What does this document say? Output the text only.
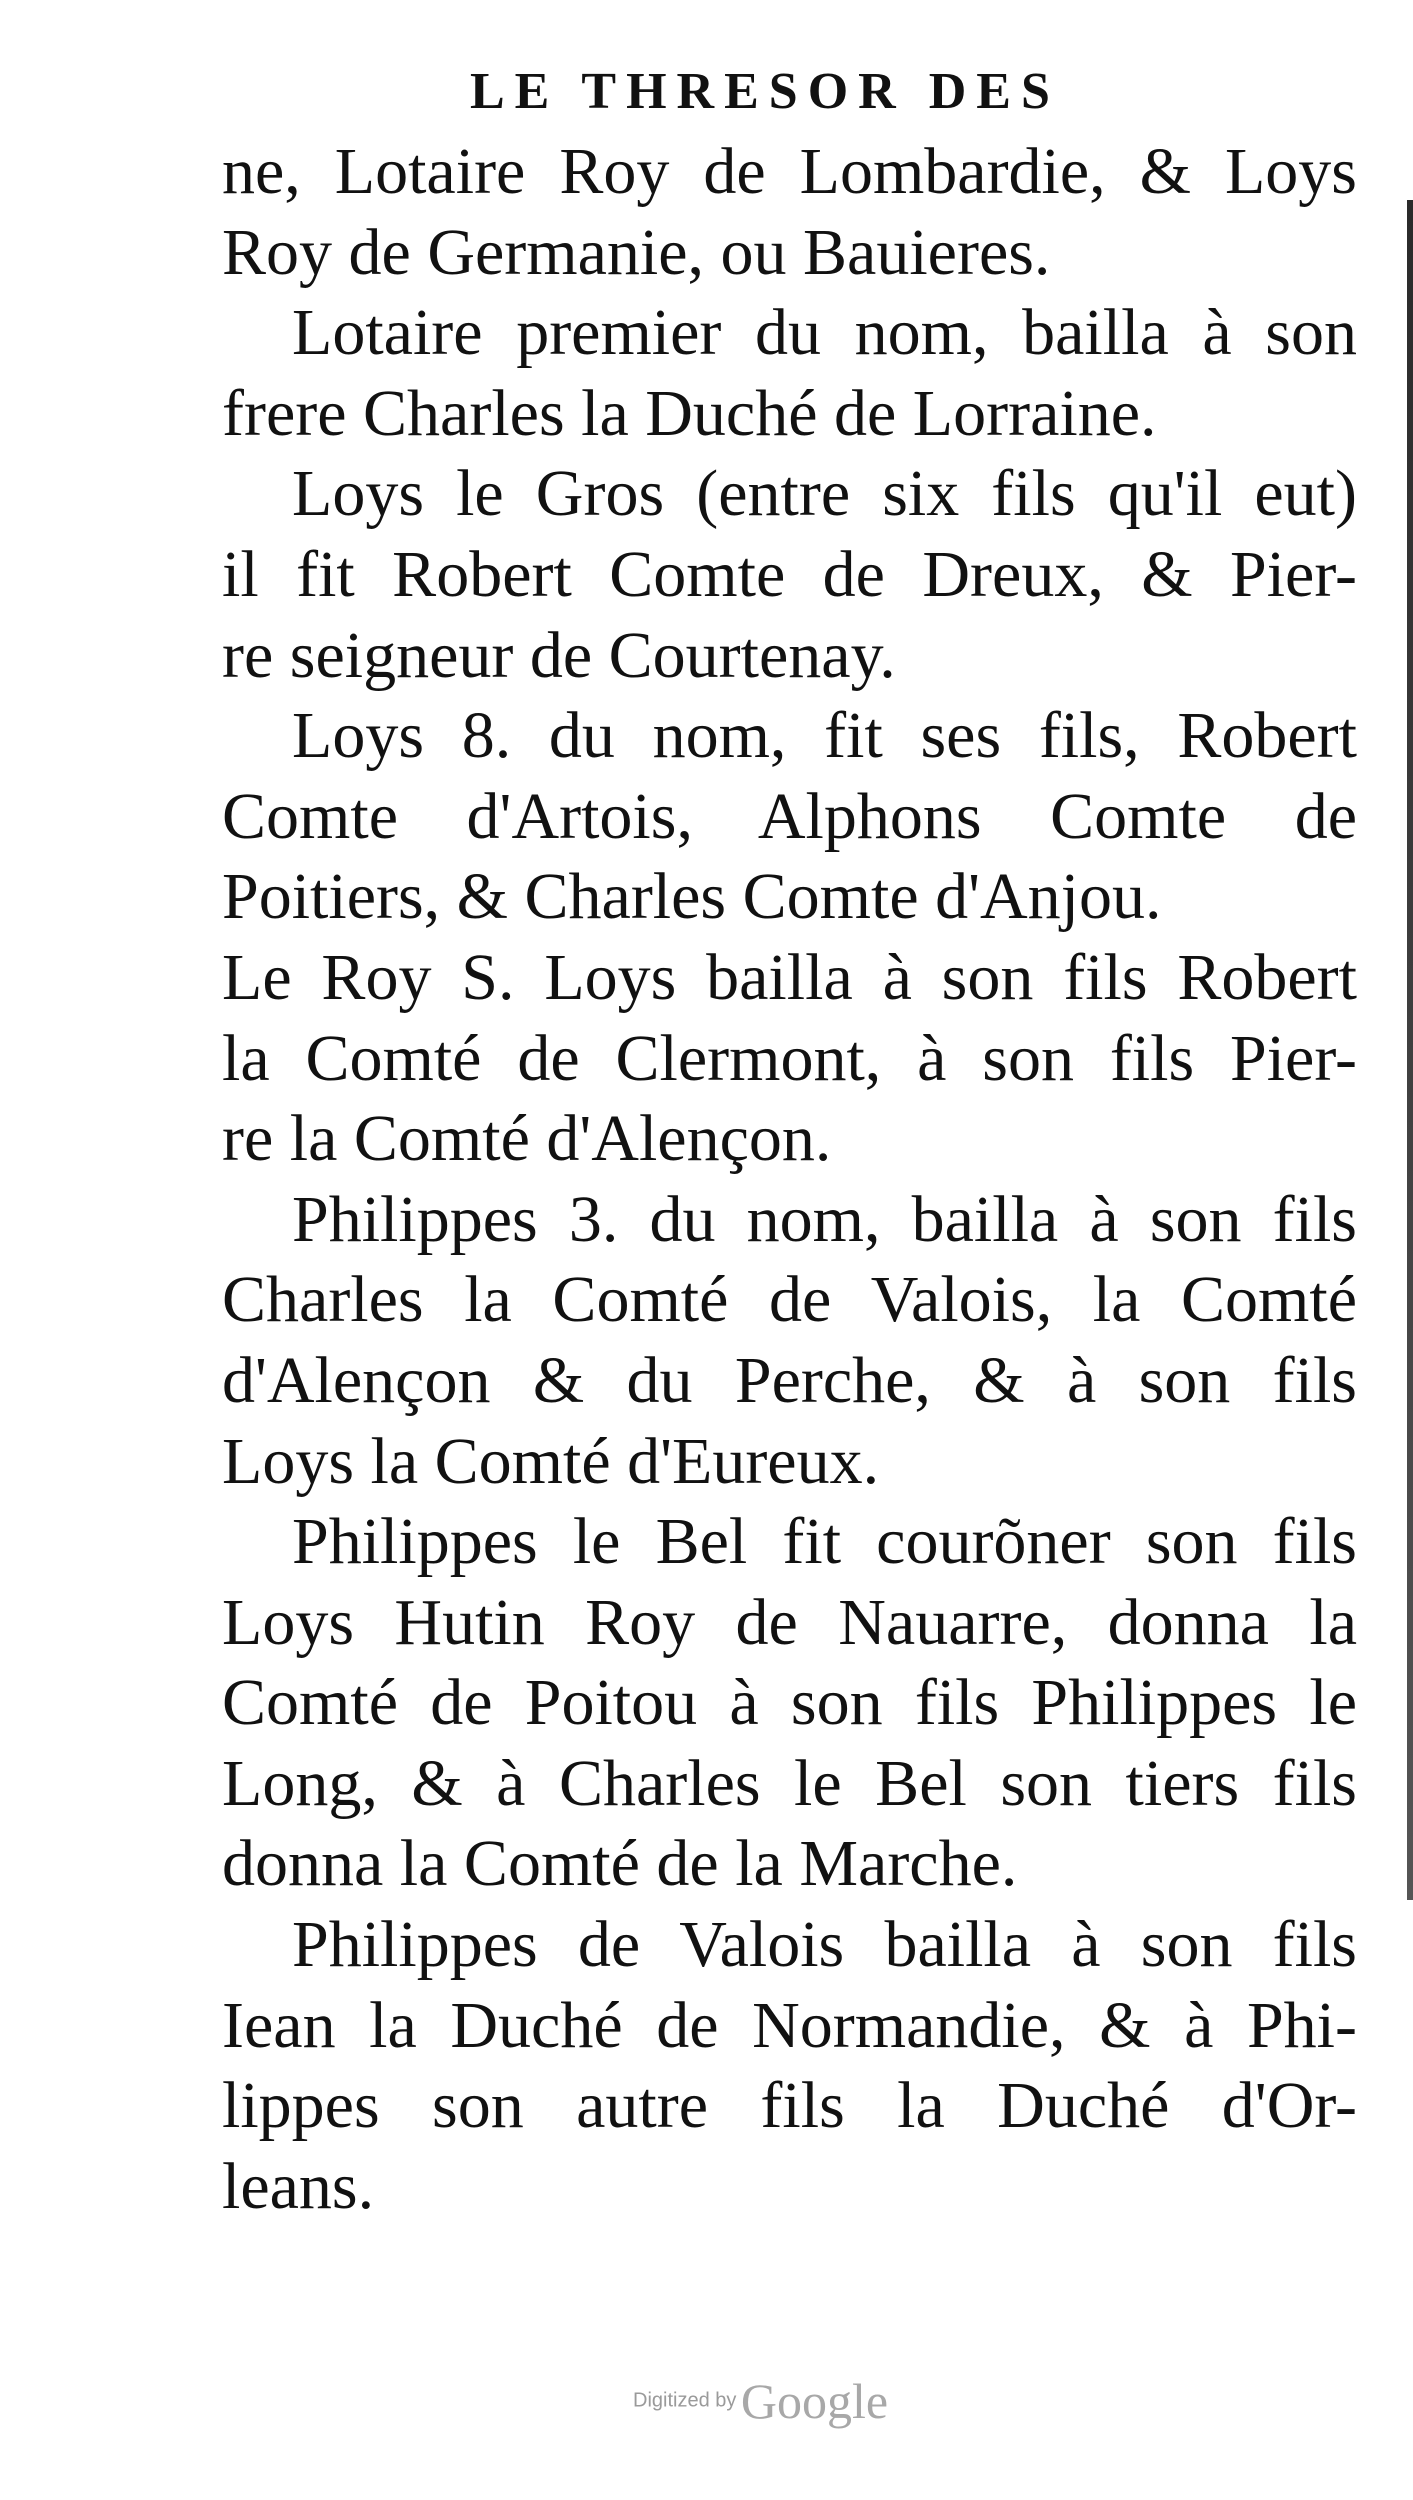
LE THRESOR DES
ne, Lotaire Roy de Lombardie, & Loys
Roy de Germanie, ou Bauieres.
Lotaire premier du nom, bailla à son
frere Charles la Duché de Lorraine.
Loys le Gros (entre six fils qu'il eut)
il fit Robert Comte de Dreux, & Pier-
re seigneur de Courtenay.
Loys 8. du nom, fit ses fils, Robert
Comte d'Artois, Alphons Comte de
Poitiers, & Charles Comte d'Anjou.
Le Roy S. Loys bailla à son fils Robert
la Comté de Clermont, à son fils Pier-
re la Comté d'Alençon.
Philippes 3. du nom, bailla à son fils
Charles la Comté de Valois, la Comté
d'Alençon & du Perche, & à son fils
Loys la Comté d'Eureux.
Philippes le Bel fit courõner son fils
Loys Hutin Roy de Nauarre, donna la
Comté de Poitou à son fils Philippes le
Long, & à Charles le Bel son tiers fils
donna la Comté de la Marche.
Philippes de Valois bailla à son fils
Iean la Duché de Normandie, & à Phi-
lippes son autre fils la Duché d'Or-
leans.
Digitized by Google
